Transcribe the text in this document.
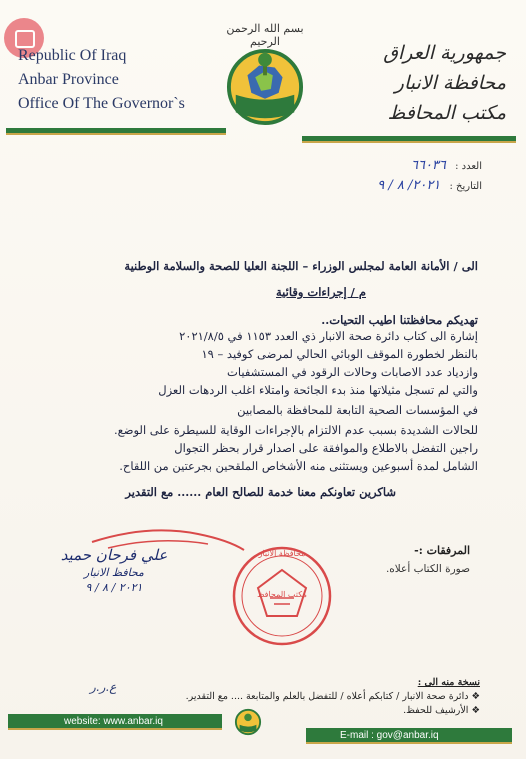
Republic Of Iraq
Anbar Province
Office Of The Governor`s
بسم الله الرحمن الرحيم
جمهورية العراق
محافظة الانبار
مكتب المحافظ
العدد : ٦٦٠٣٦
التاريخ : ٢٠٢١/ ٨ / ٩
الى / الأمانة العامة لمجلس الوزراء – اللجنة العليا للصحة والسلامة الوطنية
م / إجراءات وقائية
تهديكم محافظتنا اطيب التحيات..
إشارة الى كتاب دائرة صحة الانبار ذي العدد ١١٥٣ في ٢٠٢١/٨/٥
بالنظر لخطورة الموقف الوبائي الحالي لمرضى كوفيد – ١٩
وازدياد عدد الاصابات وحالات الرقود في المستشفيات
والتي لم تسجل مثيلاتها منذ بدء الجائحة وامتلاء اغلب الردهات العزل
في المؤسسات الصحية التابعة للمحافظة بالمصابين
للحالات الشديدة بسبب عدم الالتزام بالإجراءات الوقاية للسيطرة على الوضع.
راجين التفضل بالاطلاع والموافقة على اصدار قرار بحظر التجوال
الشامل لمدة أسبوعين ويستثنى منه الأشخاص الملقحين بجرعتين من اللقاح.
شاكرين تعاونكم معنا خدمة للصالح العام ...... مع التقدير
المرفقات :-
صورة الكتاب أعلاه.
علي فرحان حميد
محافظ الانبار
٢٠٢١ / ٨ / ٩
محافظة الانبار
مكتب المحافظ
ع.ر.ر	نسخة منه الى :
❖ دائرة صحة الانبار / كتابكم أعلاه / للتفضل بالعلم والمتابعة .... مع التقدير.
❖ الأرشيف للحفظ.
website: www.anbar.iq
E-mail : gov@anbar.iq
